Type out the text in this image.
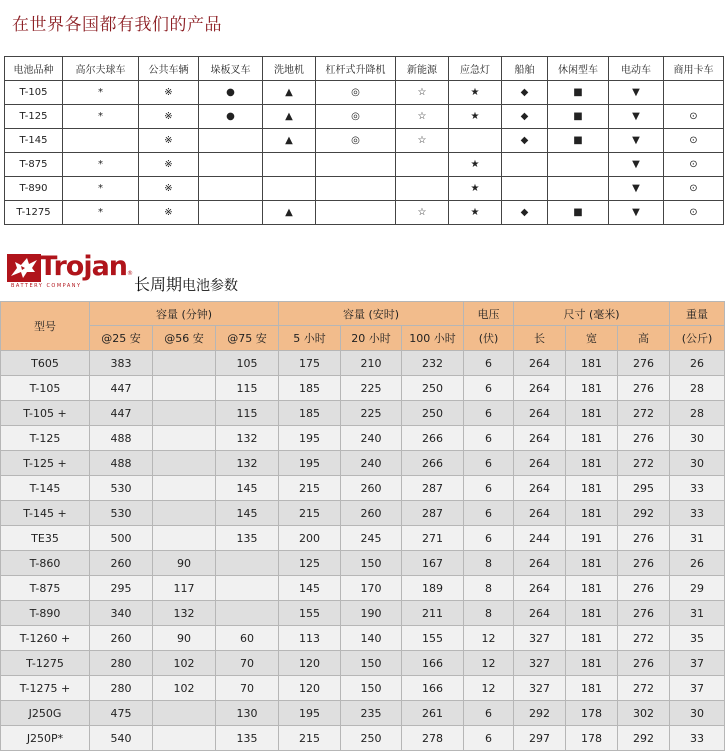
在世界各国都有我们的产品
电池品种	高尔夫球车	公共车辆	垛板叉车	洗地机	杠杆式升降机	新能源	应急灯	船舶	休闲型车	电动车	商用卡车
T-105	*	※	●	▲	◎	☆	★	◆	■	▼	
T-125	*	※	●	▲	◎	☆	★	◆	■	▼	⊙
T-145		※		▲	◎	☆		◆	■	▼	⊙
T-875	*	※					★			▼	⊙
T-890	*	※					★			▼	⊙
T-1275	*	※		▲		☆	★	◆	■	▼	⊙
Trojan ®
BATTERY COMPANY	长周期电池参数
型号	容量 (分钟)			容量 (安时)			电压	尺寸 (毫米)			重量
	@25 安	@56 安	@75 安	5 小时	20 小时	100 小时	(伏)	长	宽	高	(公斤)
T605	383		105	175	210	232	6	264	181	276	26
T-105	447		115	185	225	250	6	264	181	276	28
T-105 +	447		115	185	225	250	6	264	181	272	28
T-125	488		132	195	240	266	6	264	181	276	30
T-125 +	488		132	195	240	266	6	264	181	272	30
T-145	530		145	215	260	287	6	264	181	295	33
T-145 +	530		145	215	260	287	6	264	181	292	33
TE35	500		135	200	245	271	6	244	191	276	31
T-860	260	90		125	150	167	8	264	181	276	26
T-875	295	117		145	170	189	8	264	181	276	29
T-890	340	132		155	190	211	8	264	181	276	31
T-1260 +	260	90	60	113	140	155	12	327	181	272	35
T-1275	280	102	70	120	150	166	12	327	181	276	37
T-1275 +	280	102	70	120	150	166	12	327	181	272	37
J250G	475		130	195	235	261	6	292	178	302	30
J250P*	540		135	215	250	278	6	297	178	292	33
